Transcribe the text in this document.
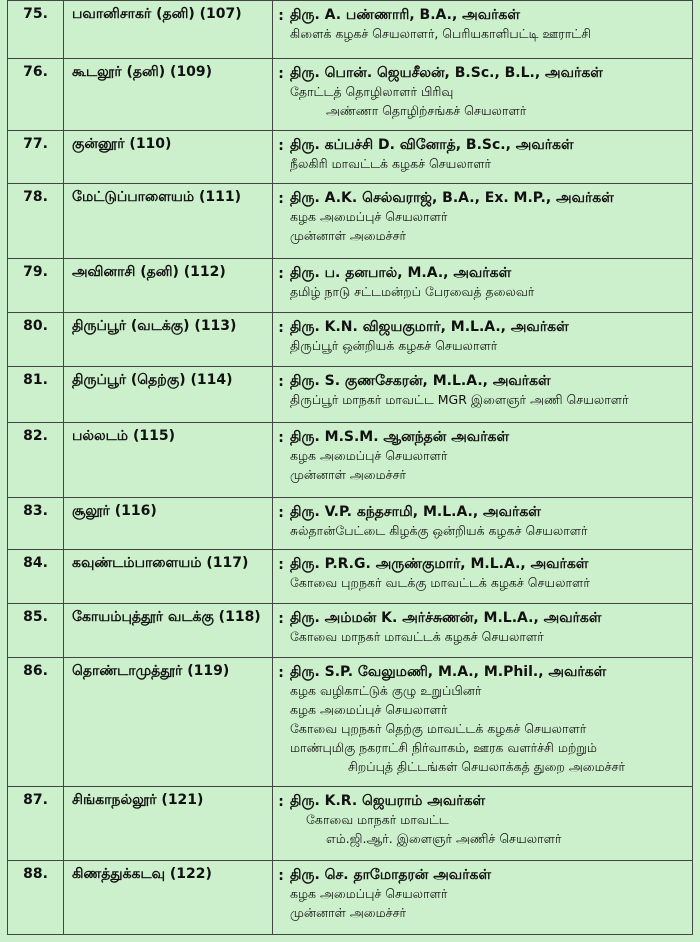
75.	பவானிசாகர் (தனி) (107)	: திரு. A. பண்ணாரி, B.A., அவர்கள்
கிளைக் கழகச் செயலாளர், பெரியகாளிபட்டி ஊராட்சி
76.	கூடலூர் (தனி) (109)	: திரு. பொன். ஜெயசீலன், B.Sc., B.L., அவர்கள்
தோட்டத் தொழிலாளர் பிரிவு
அண்ணா தொழிற்சங்கச் செயலாளர்
77.	குன்னூர் (110)	: திரு. கப்பச்சி D. வினோத், B.Sc., அவர்கள்
நீலகிரி மாவட்டக் கழகச் செயலாளர்
78.	மேட்டுப்பாளையம் (111)	: திரு. A.K. செல்வராஜ், B.A., Ex. M.P., அவர்கள்
கழக அமைப்புச் செயலாளர்
முன்னாள் அமைச்சர்
79.	அவினாசி (தனி) (112)	: திரு. ப. தனபால், M.A., அவர்கள்
தமிழ் நாடு சட்டமன்றப் பேரவைத் தலைவர்
80.	திருப்பூர் (வடக்கு) (113)	: திரு. K.N. விஜயகுமார், M.L.A., அவர்கள்
திருப்பூர் ஒன்றியக் கழகச் செயலாளர்
81.	திருப்பூர் (தெற்கு) (114)	: திரு. S. குணசேகரன், M.L.A., அவர்கள்
திருப்பூர் மாநகர் மாவட்ட MGR இளைஞர் அணி செயலாளர்
82.	பல்லடம் (115)	: திரு. M.S.M. ஆனந்தன் அவர்கள்
கழக அமைப்புச் செயலாளர்
முன்னாள் அமைச்சர்
83.	சூலூர் (116)	: திரு. V.P. கந்தசாமி, M.L.A., அவர்கள்
சுல்தான்பேட்டை கிழக்கு ஒன்றியக் கழகச் செயலாளர்
84.	கவுண்டம்பாளையம் (117)	: திரு. P.R.G. அருண்குமார், M.L.A., அவர்கள்
கோவை புறநகர் வடக்கு மாவட்டக் கழகச் செயலாளர்
85.	கோயம்புத்தூர் வடக்கு (118) : திரு. அம்மன் K. அர்ச்சுணன், M.L.A., அவர்கள்
கோவை மாநகர் மாவட்டக் கழகச் செயலாளர்
86.	தொண்டாமுத்தூர் (119)	: திரு. S.P. வேலுமணி, M.A., M.Phil., அவர்கள்
கழக வழிகாட்டுக் குழு உறுப்பினர்
கழக அமைப்புச் செயலாளர்
கோவை புறநகர் தெற்கு மாவட்டக் கழகச் செயலாளர்
மாண்புமிகு நகராட்சி நிர்வாகம், ஊரக வளர்ச்சி மற்றும்
சிறப்புத் திட்டங்கள் செயலாக்கத் துறை அமைச்சர்
87.	சிங்காநல்லூர் (121)	: திரு. K.R. ஜெயராம் அவர்கள்
கோவை மாநகர் மாவட்ட
எம்.ஜி.ஆர். இளைஞர் அணிச் செயலாளர்
88.	கிணத்துக்கடவு (122)	: திரு. செ. தாமோதரன் அவர்கள்
கழக அமைப்புச் செயலாளர்
முன்னாள் அமைச்சர்
